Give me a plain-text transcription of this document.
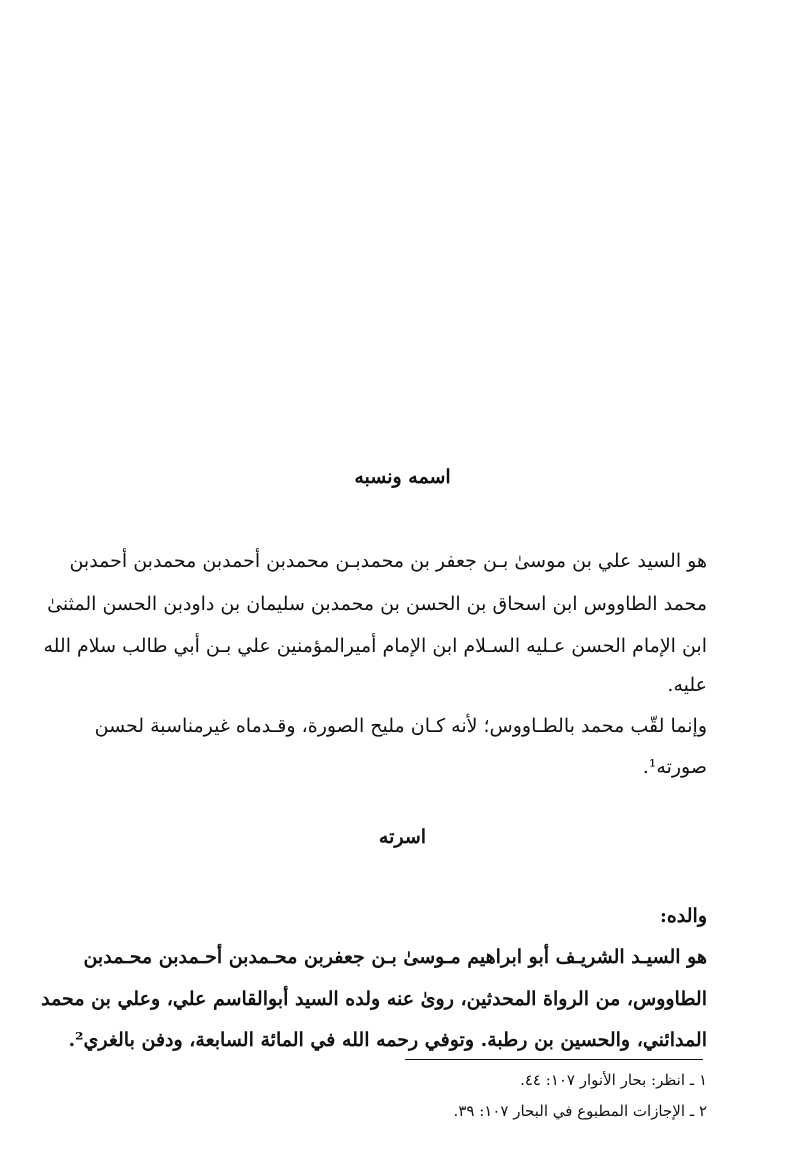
اسمه ونسبه
هو السيد علي بن موسىٰ بـن جعفر بن محمدبـن محمدبن أحمدبن محمدبن أحمدبن
محمد الطاووس ابن اسحاق بن الحسن بن محمدبن سليمان بن داودبن الحسن المثنىٰ
ابن الإمام الحسن عـليه السـلام ابن الإمام أميرالمؤمنين علي بـن أبي طالب سلام الله
عليه.
وإنما لقّب محمد بالطـاووس؛ لأنه كـان مليح الصورة، وقـدماه غيرمناسبة لحسن
صورته¹.
اسرته
والده:
هو السيـد الشريـف أبو ابراهيم مـوسىٰ بـن جعفربن محـمدبن أحـمدبن محـمدبن
الطاووس، من الرواة المحدثين، روىٰ عنه ولده السيد أبوالقاسم علي، وعلي بن محمد
المدائني، والحسين بن رطبة. وتوفي رحمه الله في المائة السابعة، ودفن بالغري².
١ ـ انظر: بحار الأنوار ١٠٧: ٤٤.
٢ ـ الإجازات المطبوع في البحار ١٠٧: ٣٩.
